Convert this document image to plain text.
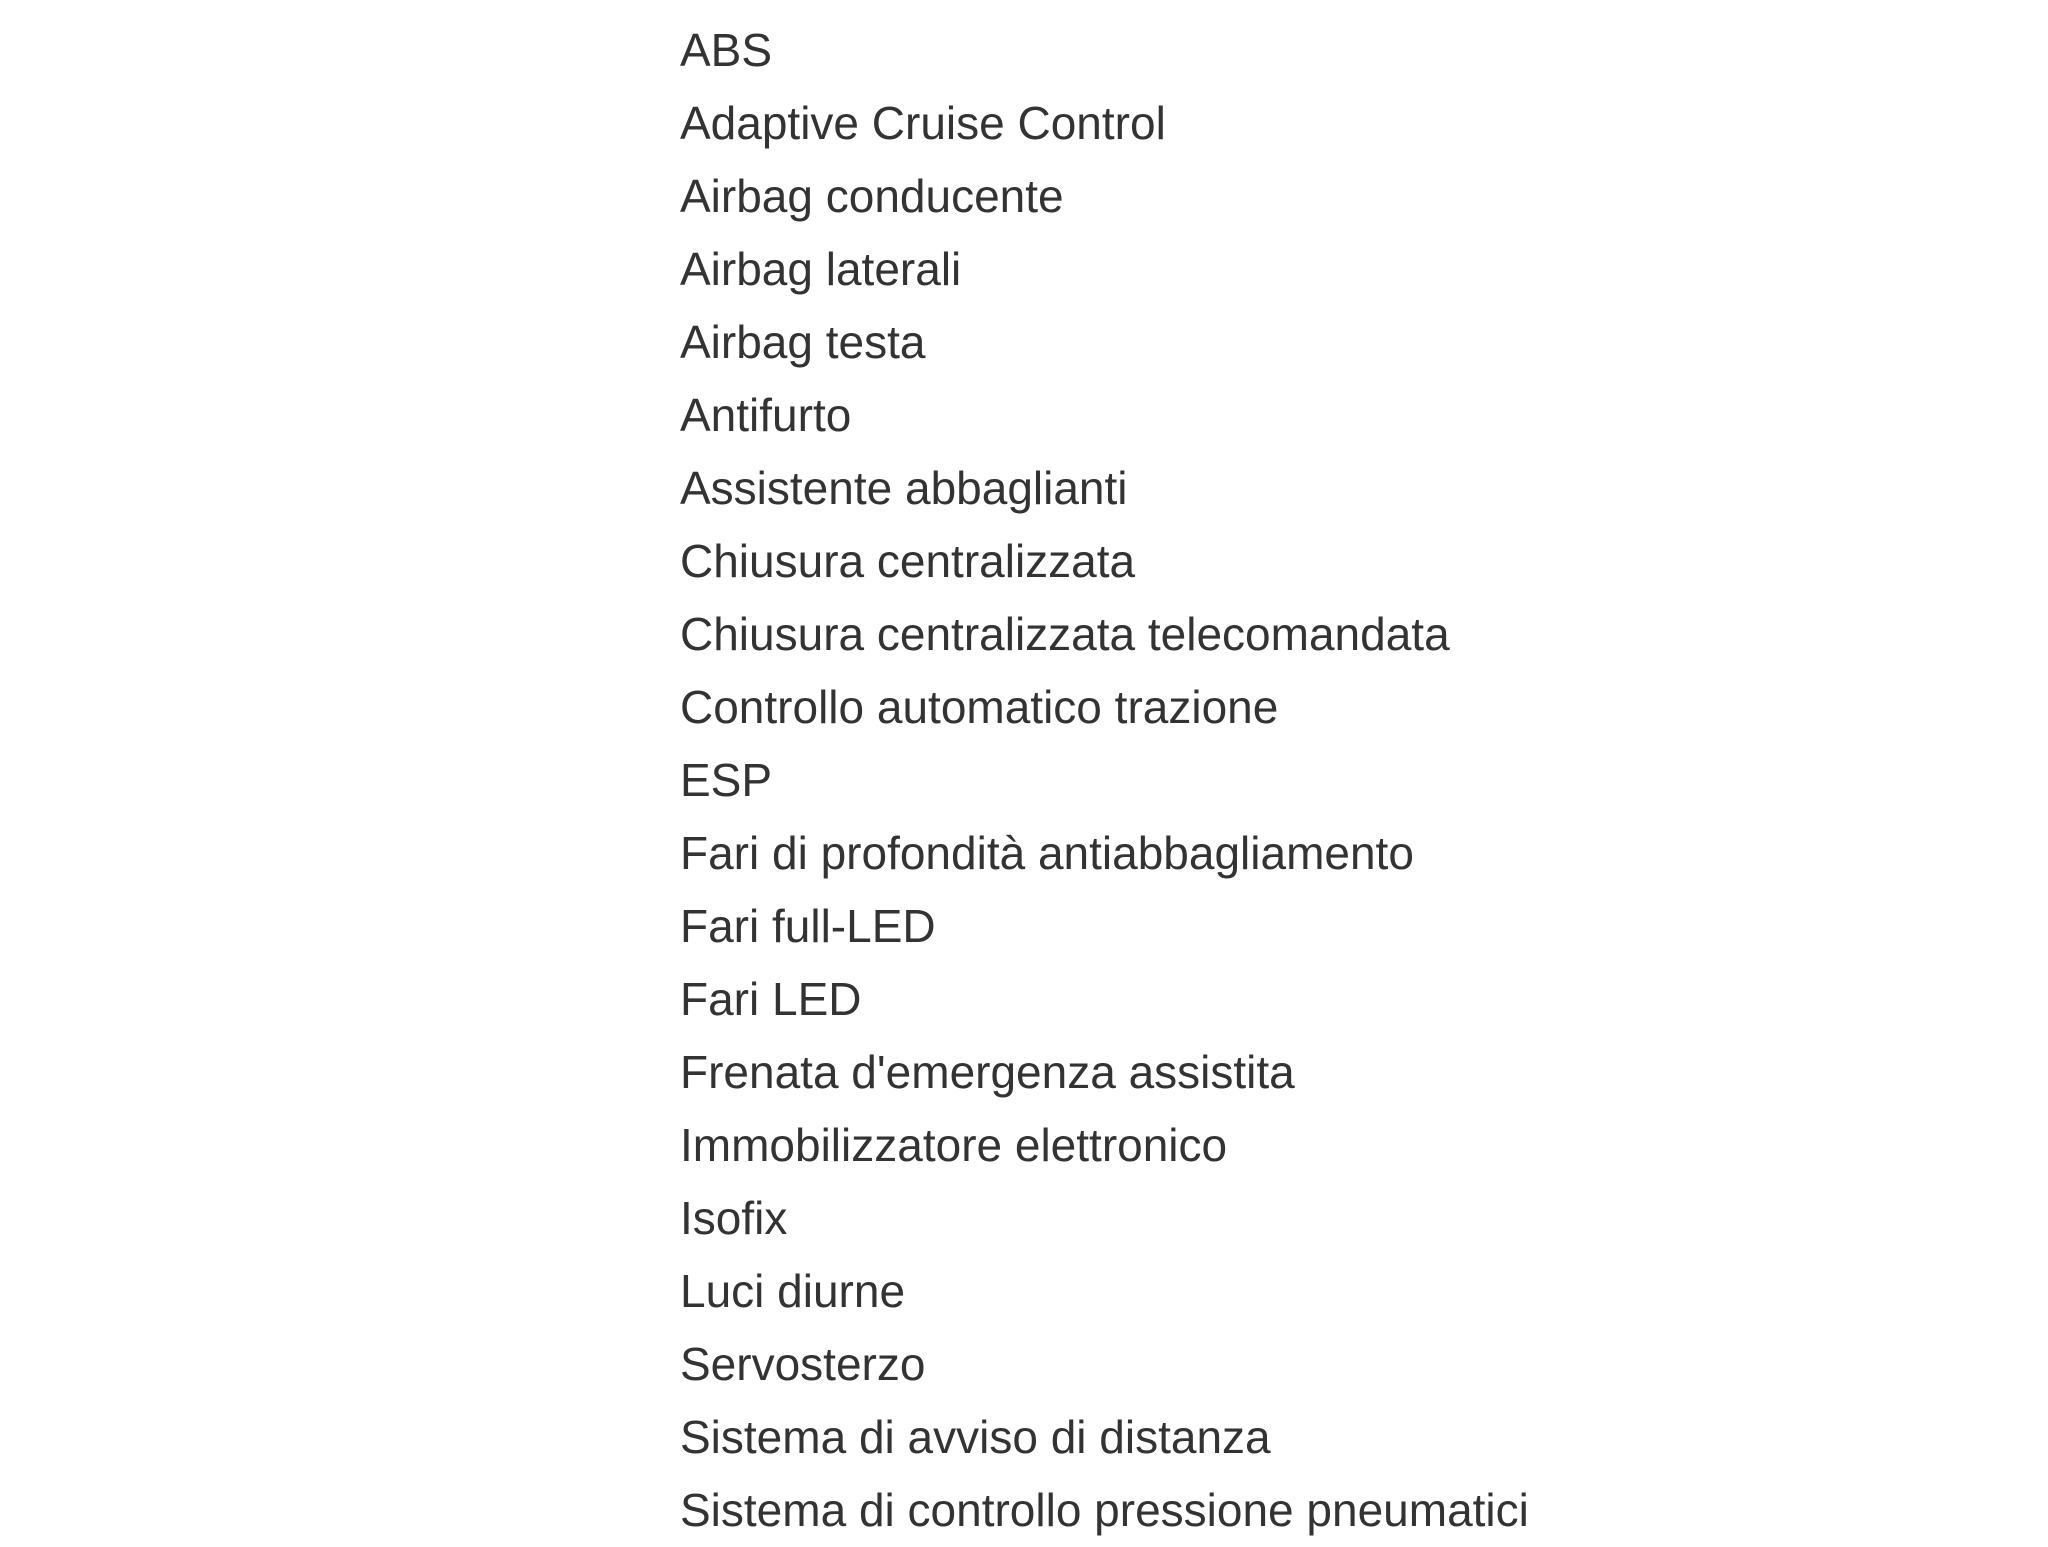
ABS
Adaptive Cruise Control
Airbag conducente
Airbag laterali
Airbag testa
Antifurto
Assistente abbaglianti
Chiusura centralizzata
Chiusura centralizzata telecomandata
Controllo automatico trazione
ESP
Fari di profondità antiabbagliamento
Fari full-LED
Fari LED
Frenata d'emergenza assistita
Immobilizzatore elettronico
Isofix
Luci diurne
Servosterzo
Sistema di avviso di distanza
Sistema di controllo pressione pneumatici
